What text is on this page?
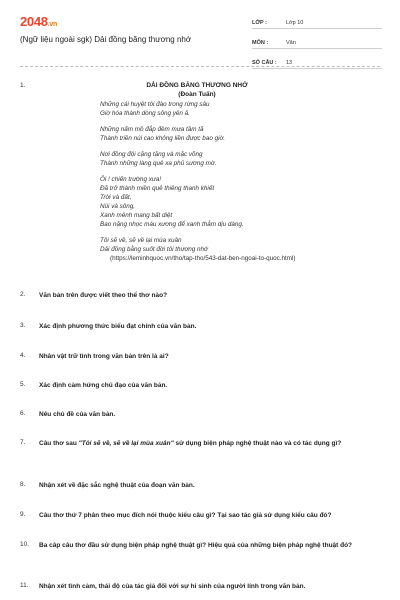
2048.vn
(Ngữ liệu ngoài sgk) Dải đồng băng thương nhớ
LỚP :	Lớp 10
MÔN :	Văn
SỐ CÂU :	13
1.	DẢI ĐỒNG BĂNG THƯƠNG NHỚ
(Đoàn Tuấn)
Những cái huyệt tôi đào trong rừng sâu
Giờ hóa thành dòng sông yên ả.
Những nấm mồ đắp đêm mưa tầm tã
Thành triền núi cao không liền được bao giờ.
Nơi đồng đội cặng tặng và mặc võng
Thành những làng quê xa phủ sương mờ.
Ôi ! chiến trường xưa!
Đã trở thành miền quê thiêng thanh khiết
Trời và đất,
Núi và sông,
Xanh mênh mang bất diệt
Bao nặng nhọc máu xương để xanh thẫm dịu dàng.
Tôi sẽ về, sẽ về lại mùa xuân
Dải đồng bằng suốt đời tôi thương nhớ
(https://leminhquoc.vn/tho/tap-tho/543-dat-ben-ngoai-to-quoc.html)
2. Văn bản trên được viết theo thể thơ nào?
3. Xác định phương thức biểu đạt chính của văn bản.
4. Nhân vật trữ tình trong văn bản trên là ai?
5. Xác định cảm hứng chủ đạo của văn bản.
6. Nêu chủ đề của văn bản.
7. Câu thơ sau "Tôi sẽ về, sẽ về lại mùa xuân" sử dụng biện pháp nghệ thuật nào và có tác dụng gì?
8. Nhận xét về đặc sắc nghệ thuật của đoạn văn bản.
9. Câu thơ thứ 7 phân theo mục đích nói thuộc kiểu câu gì? Tại sao tác giả sử dụng kiểu câu đó?
10. Ba câp câu thơ đầu sử dụng biện pháp nghệ thuật gì? Hiệu quả của những biện pháp nghệ thuật đó?
11. Nhận xét tình cảm, thái độ của tác giả đối với sự hi sinh của người lính trong văn bản.
